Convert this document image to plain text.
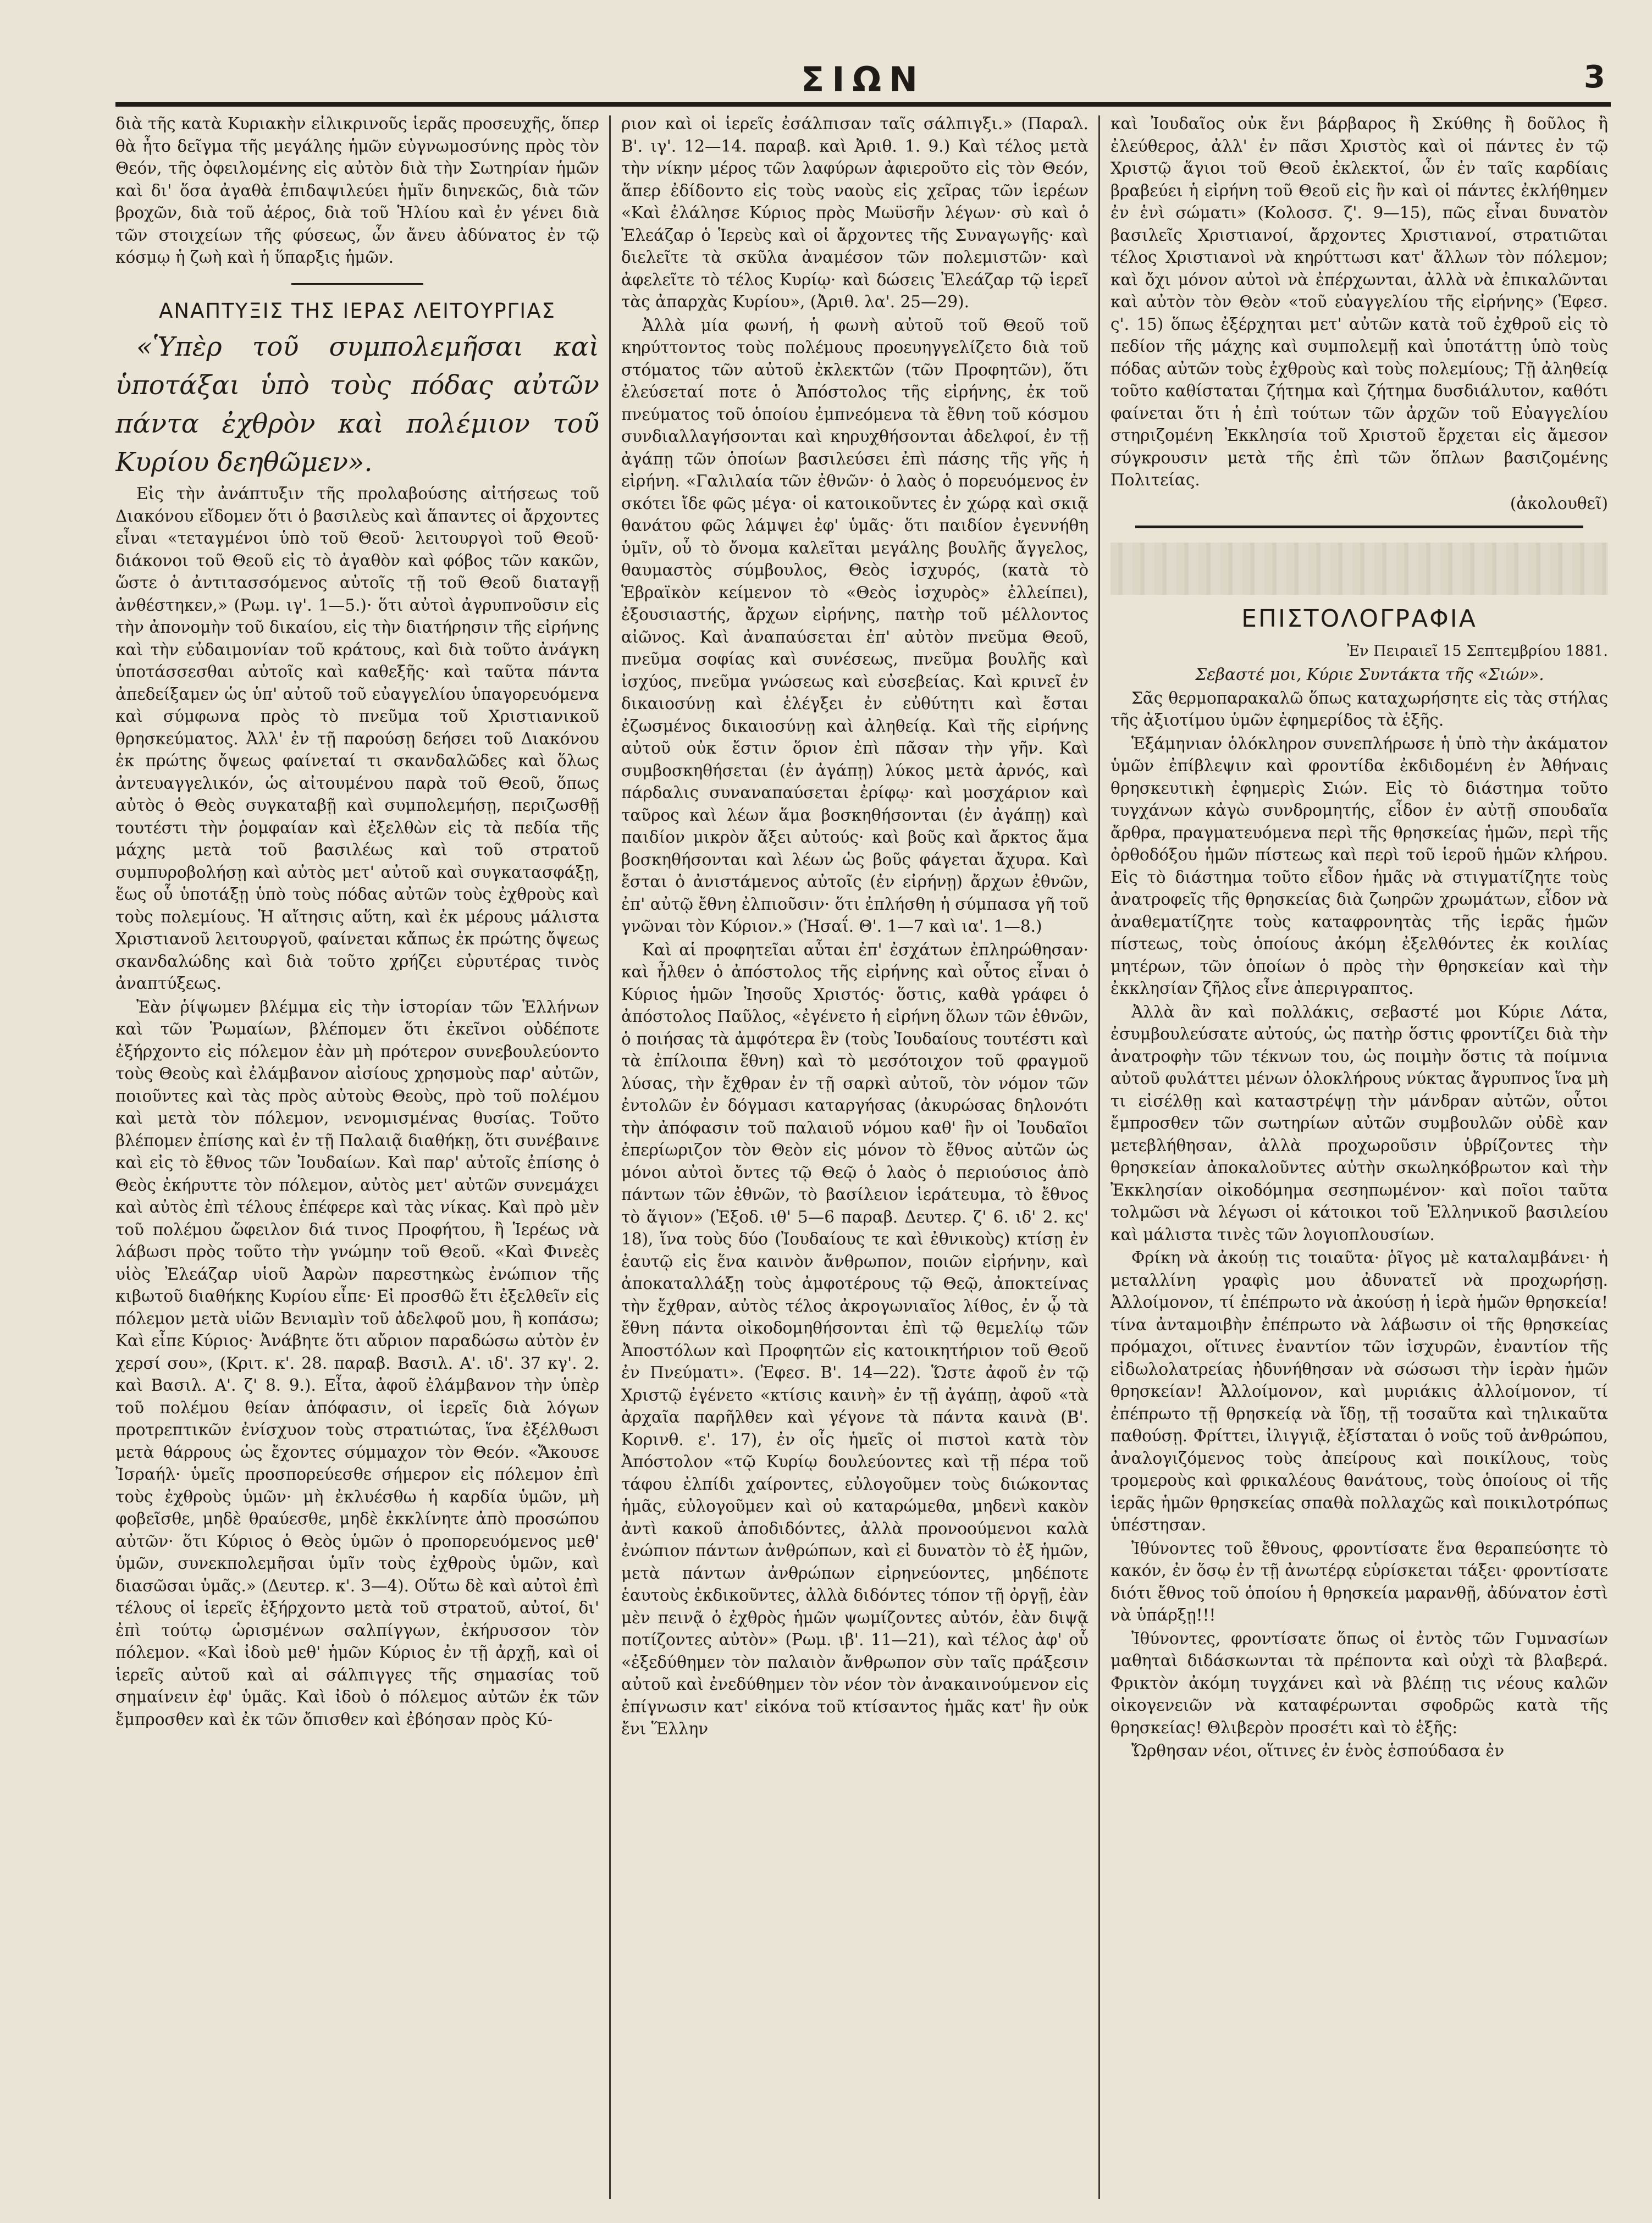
ΣΙΩΝ	3

διὰ τῆς κατὰ Κυριακὴν εἰλικρινοῦς ἱερᾶς προσευχῆς, ὅπερ θὰ ἦτο δεῖγμα τῆς μεγάλης ἡμῶν εὐγνωμοσύνης πρὸς τὸν Θεόν, τῆς ὀφειλομένης εἰς αὐτὸν διὰ τὴν Σωτηρίαν ἡμῶν καὶ δι' ὅσα ἀγαθὰ ἐπιδαψιλεύει ἡμῖν διηνεκῶς, διὰ τῶν βροχῶν, διὰ τοῦ ἀέρος, διὰ τοῦ Ἡλίου καὶ ἐν γένει διὰ τῶν στοιχείων τῆς φύσεως, ὧν ἄνευ ἀδύνατος ἐν τῷ κόσμῳ ἡ ζωὴ καὶ ἡ ὕπαρξις ἡμῶν.

ΑΝΑΠΤΥΞΙΣ ΤΗΣ ΙΕΡΑΣ ΛΕΙΤΟΥΡΓΙΑΣ

«Ὑπὲρ τοῦ συμπολεμῆσαι καὶ ὑποτάξαι ὑπὸ τοὺς πόδας αὐτῶν πάντα ἐχθρὸν καὶ πολέμιον τοῦ Κυρίου δεηθῶμεν».

Εἰς τὴν ἀνάπτυξιν τῆς προλαβούσης αἰτήσεως τοῦ Διακόνου εἴδομεν ὅτι ὁ βασιλεὺς καὶ ἅπαντες οἱ ἄρχοντες εἶναι «τεταγμένοι ὑπὸ τοῦ Θεοῦ· λειτουργοὶ τοῦ Θεοῦ· διάκονοι τοῦ Θεοῦ εἰς τὸ ἀγαθὸν καὶ φόβος τῶν κακῶν, ὥστε ὁ ἀντιτασσόμενος αὐτοῖς τῇ τοῦ Θεοῦ διαταγῇ ἀνθέστηκεν,» (Ρωμ. ιγ'. 1—5.)· ὅτι αὐτοὶ ἀγρυπνοῦσιν εἰς τὴν ἀπονομὴν τοῦ δικαίου, εἰς τὴν διατήρησιν τῆς εἰρήνης καὶ τὴν εὐδαιμονίαν τοῦ κράτους, καὶ διὰ τοῦτο ἀνάγκη ὑποτάσσεσθαι αὐτοῖς καὶ καθεξῆς· καὶ ταῦτα πάντα ἀπεδείξαμεν ὡς ὑπ' αὐτοῦ τοῦ εὐαγγελίου ὑπαγορευόμενα καὶ σύμφωνα πρὸς τὸ πνεῦμα τοῦ Χριστιανικοῦ θρησκεύματος. Ἀλλ' ἐν τῇ παρούσῃ δεήσει τοῦ Διακόνου ἐκ πρώτης ὄψεως φαίνεταί τι σκανδαλῶδες καὶ ὅλως ἀντευαγγελικόν, ὡς αἰτουμένου παρὰ τοῦ Θεοῦ, ὅπως αὐτὸς ὁ Θεὸς συγκαταβῇ καὶ συμπολεμήσῃ, περιζωσθῇ τουτέστι τὴν ῥομφαίαν καὶ ἐξελθὼν εἰς τὰ πεδία τῆς μάχης μετὰ τοῦ βασιλέως καὶ τοῦ στρατοῦ συμπυροβολήσῃ καὶ αὐτὸς μετ' αὐτοῦ καὶ συγκατασφάξῃ, ἕως οὗ ὑποτάξῃ ὑπὸ τοὺς πόδας αὐτῶν τοὺς ἐχθροὺς καὶ τοὺς πολεμίους. Ἡ αἴτησις αὕτη, καὶ ἐκ μέρους μάλιστα Χριστιανοῦ λειτουργοῦ, φαίνεται κἄπως ἐκ πρώτης ὄψεως σκανδαλώδης καὶ διὰ τοῦτο χρήζει εὐρυτέρας τινὸς ἀναπτύξεως.

Ἐὰν ῥίψωμεν βλέμμα εἰς τὴν ἱστορίαν τῶν Ἑλλήνων καὶ τῶν Ῥωμαίων, βλέπομεν ὅτι ἐκεῖνοι οὐδέποτε ἐξήρχοντο εἰς πόλεμον ἐὰν μὴ πρότερον συνεβουλεύοντο τοὺς Θεοὺς καὶ ἐλάμβανον αἰσίους χρησμοὺς παρ' αὐτῶν, ποιοῦντες καὶ τὰς πρὸς αὐτοὺς Θεοὺς, πρὸ τοῦ πολέμου καὶ μετὰ τὸν πόλεμον, νενομισμένας θυσίας. Τοῦτο βλέπομεν ἐπίσης καὶ ἐν τῇ Παλαιᾷ διαθήκῃ, ὅτι συνέβαινε καὶ εἰς τὸ ἔθνος τῶν Ἰουδαίων. Καὶ παρ' αὐτοῖς ἐπίσης ὁ Θεὸς ἐκήρυττε τὸν πόλεμον, αὐτὸς μετ' αὐτῶν συνεμάχει καὶ αὐτὸς ἐπὶ τέλους ἐπέφερε καὶ τὰς νίκας. Καὶ πρὸ μὲν τοῦ πολέμου ὤφειλον διά τινος Προφήτου, ἢ Ἱερέως νὰ λάβωσι πρὸς τοῦτο τὴν γνώμην τοῦ Θεοῦ. «Καὶ Φινεὲς υἱὸς Ἐλεάζαρ υἱοῦ Ἀαρὼν παρεστηκὼς ἐνώπιον τῆς κιβωτοῦ διαθήκης Κυρίου εἶπε· Εἰ προσθῶ ἔτι ἐξελθεῖν εἰς πόλεμον μετὰ υἱῶν Βενιαμὶν τοῦ ἀδελφοῦ μου, ἢ κοπάσω; Καὶ εἶπε Κύριος· Ἀνάβητε ὅτι αὔριον παραδώσω αὐτὸν ἐν χερσί σου», (Κριτ. κ'. 28. παραβ. Βασιλ. Α'. ιδ'. 37 κγ'. 2. καὶ Βασιλ. Α'. ζ' 8. 9.). Εἶτα, ἀφοῦ ἐλάμβανον τὴν ὑπὲρ τοῦ πολέμου θείαν ἀπόφασιν, οἱ ἱερεῖς διὰ λόγων προτρεπτικῶν ἐνίσχυον τοὺς στρατιώτας, ἵνα ἐξέλθωσι μετὰ θάρρους ὡς ἔχοντες σύμμαχον τὸν Θεόν. «Ἄκουσε Ἰσραήλ· ὑμεῖς προσπορεύεσθε σήμερον εἰς πόλεμον ἐπὶ τοὺς ἐχθροὺς ὑμῶν· μὴ ἐκλυέσθω ἡ καρδία ὑμῶν, μὴ φοβεῖσθε, μηδὲ θραύεσθε, μηδὲ ἐκκλίνητε ἀπὸ προσώπου αὐτῶν· ὅτι Κύριος ὁ Θεὸς ὑμῶν ὁ προπορευόμενος μεθ' ὑμῶν, συνεκπολεμῆσαι ὑμῖν τοὺς ἐχθροὺς ὑμῶν, καὶ διασῶσαι ὑμᾶς.» (Δευτερ. κ'. 3—4). Οὕτω δὲ καὶ αὐτοὶ ἐπὶ τέλους οἱ ἱερεῖς ἐξήρχοντο μετὰ τοῦ στρατοῦ, αὐτοί, δι' ἐπὶ τούτῳ ὡρισμένων σαλπίγγων, ἐκήρυσσον τὸν πόλεμον. «Καὶ ἰδοὺ μεθ' ἡμῶν Κύριος ἐν τῇ ἀρχῇ, καὶ οἱ ἱερεῖς αὐτοῦ καὶ αἱ σάλπιγγες τῆς σημασίας τοῦ σημαίνειν ἐφ' ὑμᾶς. Καὶ ἰδοὺ ὁ πόλεμος αὐτῶν ἐκ τῶν ἔμπροσθεν καὶ ἐκ τῶν ὄπισθεν καὶ ἐβόησαν πρὸς Κύ-

ριον καὶ οἱ ἱερεῖς ἐσάλπισαν ταῖς σάλπιγξι.» (Παραλ. Β'. ιγ'. 12—14. παραβ. καὶ Ἀριθ. 1. 9.) Καὶ τέλος μετὰ τὴν νίκην μέρος τῶν λαφύρων ἀφιεροῦτο εἰς τὸν Θεόν, ἅπερ ἐδίδοντο εἰς τοὺς ναοὺς εἰς χεῖρας τῶν ἱερέων «Καὶ ἐλάλησε Κύριος πρὸς Μωϋσῆν λέγων· σὺ καὶ ὁ Ἐλεάζαρ ὁ Ἱερεὺς καὶ οἱ ἄρχοντες τῆς Συναγωγῆς· καὶ διελεῖτε τὰ σκῦλα ἀναμέσον τῶν πολεμιστῶν· καὶ ἀφελεῖτε τὸ τέλος Κυρίῳ· καὶ δώσεις Ἐλεάζαρ τῷ ἱερεῖ τὰς ἀπαρχὰς Κυρίου», (Ἀριθ. λα'. 25—29).

Ἀλλὰ μία φωνή, ἡ φωνὴ αὐτοῦ τοῦ Θεοῦ τοῦ κηρύττοντος τοὺς πολέμους προευηγγελίζετο διὰ τοῦ στόματος τῶν αὐτοῦ ἐκλεκτῶν (τῶν Προφητῶν), ὅτι ἐλεύσεταί ποτε ὁ Ἀπόστολος τῆς εἰρήνης, ἐκ τοῦ πνεύματος τοῦ ὁποίου ἐμπνεόμενα τὰ ἔθνη τοῦ κόσμου συνδιαλλαγήσονται καὶ κηρυχθήσονται ἀδελφοί, ἐν τῇ ἀγάπῃ τῶν ὁποίων βασιλεύσει ἐπὶ πάσης τῆς γῆς ἡ εἰρήνη. «Γαλιλαία τῶν ἐθνῶν· ὁ λαὸς ὁ πορευόμενος ἐν σκότει ἴδε φῶς μέγα· οἱ κατοικοῦντες ἐν χώρᾳ καὶ σκιᾷ θανάτου φῶς λάμψει ἐφ' ὑμᾶς· ὅτι παιδίον ἐγεννήθη ὑμῖν, οὗ τὸ ὄνομα καλεῖται μεγάλης βουλῆς ἄγγελος, θαυμαστὸς σύμβουλος, Θεὸς ἰσχυρός, (κατὰ τὸ Ἑβραϊκὸν κείμενον τὸ «Θεὸς ἰσχυρὸς» ἐλλείπει), ἐξουσιαστής, ἄρχων εἰρήνης, πατὴρ τοῦ μέλλοντος αἰῶνος. Καὶ ἀναπαύσεται ἐπ' αὐτὸν πνεῦμα Θεοῦ, πνεῦμα σοφίας καὶ συνέσεως, πνεῦμα βουλῆς καὶ ἰσχύος, πνεῦμα γνώσεως καὶ εὐσεβείας. Καὶ κρινεῖ ἐν δικαιοσύνῃ καὶ ἐλέγξει ἐν εὐθύτητι καὶ ἔσται ἐζωσμένος δικαιοσύνῃ καὶ ἀληθείᾳ. Καὶ τῆς εἰρήνης αὐτοῦ οὐκ ἔστιν ὅριον ἐπὶ πᾶσαν τὴν γῆν. Καὶ συμβοσκηθήσεται (ἐν ἀγάπῃ) λύκος μετὰ ἀρνός, καὶ πάρδαλις συναναπαύσεται ἐρίφῳ· καὶ μοσχάριον καὶ ταῦρος καὶ λέων ἅμα βοσκηθήσονται (ἐν ἀγάπῃ) καὶ παιδίον μικρὸν ἄξει αὐτούς· καὶ βοῦς καὶ ἄρκτος ἅμα βοσκηθήσονται καὶ λέων ὡς βοῦς φάγεται ἄχυρα. Καὶ ἔσται ὁ ἀνιστάμενος αὐτοῖς (ἐν εἰρήνῃ) ἄρχων ἐθνῶν, ἐπ' αὐτῷ ἔθνη ἐλπιοῦσιν· ὅτι ἐπλήσθη ἡ σύμπασα γῆ τοῦ γνῶναι τὸν Κύριον.» (Ἠσαΐ. Θ'. 1—7 καὶ ια'. 1—8.)

Καὶ αἱ προφητεῖαι αὗται ἐπ' ἐσχάτων ἐπληρώθησαν· καὶ ἦλθεν ὁ ἀπόστολος τῆς εἰρήνης καὶ οὗτος εἶναι ὁ Κύριος ἡμῶν Ἰησοῦς Χριστός· ὅστις, καθὰ γράφει ὁ ἀπόστολος Παῦλος, «ἐγένετο ἡ εἰρήνη ὅλων τῶν ἐθνῶν, ὁ ποιήσας τὰ ἀμφότερα ἓν (τοὺς Ἰουδαίους τουτέστι καὶ τὰ ἐπίλοιπα ἔθνη) καὶ τὸ μεσότοιχον τοῦ φραγμοῦ λύσας, τὴν ἔχθραν ἐν τῇ σαρκὶ αὐτοῦ, τὸν νόμον τῶν ἐντολῶν ἐν δόγμασι καταργήσας (ἀκυρώσας δηλονότι τὴν ἀπόφασιν τοῦ παλαιοῦ νόμου καθ' ἣν οἱ Ἰουδαῖοι ἐπερίωριζον τὸν Θεὸν εἰς μόνον τὸ ἔθνος αὐτῶν ὡς μόνοι αὐτοὶ ὄντες τῷ Θεῷ ὁ λαὸς ὁ περιούσιος ἀπὸ πάντων τῶν ἐθνῶν, τὸ βασίλειον ἱεράτευμα, τὸ ἔθνος τὸ ἅγιον» (Ἐξοδ. ιθ' 5—6 παραβ. Δευτερ. ζ' 6. ιδ' 2. κς' 18), ἵνα τοὺς δύο (Ἰουδαίους τε καὶ ἐθνικοὺς) κτίσῃ ἐν ἑαυτῷ εἰς ἕνα καινὸν ἄνθρωπον, ποιῶν εἰρήνην, καὶ ἀποκαταλλάξῃ τοὺς ἀμφοτέρους τῷ Θεῷ, ἀποκτείνας τὴν ἔχθραν, αὐτὸς τέλος ἀκρογωνιαῖος λίθος, ἐν ᾧ τὰ ἔθνη πάντα οἰκοδομηθήσονται ἐπὶ τῷ θεμελίῳ τῶν Ἀποστόλων καὶ Προφητῶν εἰς κατοικητήριον τοῦ Θεοῦ ἐν Πνεύματι». (Ἐφεσ. Β'. 14—22). Ὥστε ἀφοῦ ἐν τῷ Χριστῷ ἐγένετο «κτίσις καινὴ» ἐν τῇ ἀγάπῃ, ἀφοῦ «τὰ ἀρχαῖα παρῆλθεν καὶ γέγονε τὰ πάντα καινὰ (Β'. Κορινθ. ε'. 17), ἐν οἷς ἡμεῖς οἱ πιστοὶ κατὰ τὸν Ἀπόστολον «τῷ Κυρίῳ δουλεύοντες καὶ τῇ πέρα τοῦ τάφου ἐλπίδι χαίροντες, εὐλογοῦμεν τοὺς διώκοντας ἡμᾶς, εὐλογοῦμεν καὶ οὐ καταρώμεθα, μηδενὶ κακὸν ἀντὶ κακοῦ ἀποδιδόντες, ἀλλὰ προνοούμενοι καλὰ ἐνώπιον πάντων ἀνθρώπων, καὶ εἰ δυνατὸν τὸ ἐξ ἡμῶν, μετὰ πάντων ἀνθρώπων εἰρηνεύοντες, μηδέποτε ἑαυτοὺς ἐκδικοῦντες, ἀλλὰ διδόντες τόπον τῇ ὀργῇ, ἐὰν μὲν πεινᾷ ὁ ἐχθρὸς ἡμῶν ψωμίζοντες αὐτόν, ἐὰν διψᾷ ποτίζοντες αὐτὸν» (Ρωμ. ιβ'. 11—21), καὶ τέλος ἀφ' οὗ «ἐξεδύθημεν τὸν παλαιὸν ἄνθρωπον σὺν ταῖς πράξεσιν αὐτοῦ καὶ ἐνεδύθημεν τὸν νέον τὸν ἀνακαινούμενον εἰς ἐπίγνωσιν κατ' εἰκόνα τοῦ κτίσαντος ἡμᾶς κατ' ἣν οὐκ ἔνι Ἕλλην

καὶ Ἰουδαῖος οὐκ ἔνι βάρβαρος ἢ Σκύθης ἢ δοῦλος ἢ ἐλεύθερος, ἀλλ' ἐν πᾶσι Χριστὸς καὶ οἱ πάντες ἐν τῷ Χριστῷ ἅγιοι τοῦ Θεοῦ ἐκλεκτοί, ὧν ἐν ταῖς καρδίαις βραβεύει ἡ εἰρήνη τοῦ Θεοῦ εἰς ἣν καὶ οἱ πάντες ἐκλήθημεν ἐν ἑνὶ σώματι» (Κολοσσ. ζ'. 9—15), πῶς εἶναι δυνατὸν βασιλεῖς Χριστιανοί, ἄρχοντες Χριστιανοί, στρατιῶται τέλος Χριστιανοὶ νὰ κηρύττωσι κατ' ἄλλων τὸν πόλεμον; καὶ ὄχι μόνον αὐτοὶ νὰ ἐπέρχωνται, ἀλλὰ νὰ ἐπικαλῶνται καὶ αὐτὸν τὸν Θεὸν «τοῦ εὐαγγελίου τῆς εἰρήνης» (Ἐφεσ. ς'. 15) ὅπως ἐξέρχηται μετ' αὐτῶν κατὰ τοῦ ἐχθροῦ εἰς τὸ πεδίον τῆς μάχης καὶ συμπολεμῇ καὶ ὑποτάττῃ ὑπὸ τοὺς πόδας αὐτῶν τοὺς ἐχθροὺς καὶ τοὺς πολεμίους; Τῇ ἀληθείᾳ τοῦτο καθίσταται ζήτημα καὶ ζήτημα δυσδιάλυτον, καθότι φαίνεται ὅτι ἡ ἐπὶ τούτων τῶν ἀρχῶν τοῦ Εὐαγγελίου στηριζομένη Ἐκκλησία τοῦ Χριστοῦ ἔρχεται εἰς ἄμεσον σύγκρουσιν μετὰ τῆς ἐπὶ τῶν ὅπλων βασιζομένης Πολιτείας.

(ἀκολουθεῖ)

ΕΠΙΣΤΟΛΟΓΡΑΦΙΑ

Ἐν Πειραιεῖ 15 Σεπτεμβρίου 1881.

Σεβαστέ μοι, Κύριε Συντάκτα τῆς «Σιών».

Σᾶς θερμοπαρακαλῶ ὅπως καταχωρήσητε εἰς τὰς στήλας τῆς ἀξιοτίμου ὑμῶν ἐφημερίδος τὰ ἑξῆς.

Ἑξάμηνιαν ὁλόκληρον συνεπλήρωσε ἡ ὑπὸ τὴν ἀκάματον ὑμῶν ἐπίβλεψιν καὶ φροντίδα ἐκδιδομένη ἐν Ἀθήναις θρησκευτικὴ ἐφημερὶς Σιών. Εἰς τὸ διάστημα τοῦτο τυγχάνων κἀγὼ συνδρομητής, εἶδον ἐν αὐτῇ σπουδαῖα ἄρθρα, πραγματευόμενα περὶ τῆς θρησκείας ἡμῶν, περὶ τῆς ὀρθοδόξου ἡμῶν πίστεως καὶ περὶ τοῦ ἱεροῦ ἡμῶν κλήρου. Εἰς τὸ διάστημα τοῦτο εἶδον ἡμᾶς νὰ στιγματίζητε τοὺς ἀνατροφεῖς τῆς θρησκείας διὰ ζωηρῶν χρωμάτων, εἶδον νὰ ἀναθεματίζητε τοὺς καταφρονητὰς τῆς ἱερᾶς ἡμῶν πίστεως, τοὺς ὁποίους ἀκόμη ἐξελθόντες ἐκ κοιλίας μητέρων, τῶν ὁποίων ὁ πρὸς τὴν θρησκείαν καὶ τὴν ἐκκλησίαν ζῆλος εἶνε ἀπεριγραπτος.

Ἀλλὰ ἂν καὶ πολλάκις, σεβαστέ μοι Κύριε Λάτα, ἐσυμβουλεύσατε αὐτούς, ὡς πατὴρ ὅστις φροντίζει διὰ τὴν ἀνατροφὴν τῶν τέκνων του, ὡς ποιμὴν ὅστις τὰ ποίμνια αὐτοῦ φυλάττει μένων ὁλοκλήρους νύκτας ἄγρυπνος ἵνα μὴ τι εἰσέλθῃ καὶ καταστρέψῃ τὴν μάνδραν αὐτῶν, οὗτοι ἔμπροσθεν τῶν σωτηρίων αὐτῶν συμβουλῶν οὐδὲ καν μετεβλήθησαν, ἀλλὰ προχωροῦσιν ὑβρίζοντες τὴν θρησκείαν ἀποκαλοῦντες αὐτὴν σκωληκόβρωτον καὶ τὴν Ἐκκλησίαν οἰκοδόμημα σεσηπωμένον· καὶ ποῖοι ταῦτα τολμῶσι νὰ λέγωσι οἱ κάτοικοι τοῦ Ἑλληνικοῦ βασιλείου καὶ μάλιστα τινὲς τῶν λογιοπλουσίων.

Φρίκη νὰ ἀκούῃ τις τοιαῦτα· ῥῖγος μὲ καταλαμβάνει· ἡ μεταλλίνη γραφὶς μου ἀδυνατεῖ νὰ προχωρήσῃ. Ἀλλοίμονον, τί ἐπέπρωτο νὰ ἀκούσῃ ἡ ἱερὰ ἡμῶν θρησκεία! τίνα ἀνταμοιβὴν ἐπέπρωτο νὰ λάβωσιν οἱ τῆς θρησκείας πρόμαχοι, οἵτινες ἐναντίον τῶν ἰσχυρῶν, ἐναντίον τῆς εἰδωλολατρείας ἠδυνήθησαν νὰ σώσωσι τὴν ἱερὰν ἡμῶν θρησκείαν! Ἀλλοίμονον, καὶ μυριάκις ἀλλοίμονον, τί ἐπέπρωτο τῇ θρησκείᾳ νὰ ἴδῃ, τῇ τοσαῦτα καὶ τηλικαῦτα παθούσῃ. Φρίττει, ἰλιγγιᾷ, ἐξίσταται ὁ νοῦς τοῦ ἀνθρώπου, ἀναλογιζόμενος τοὺς ἀπείρους καὶ ποικίλους, τοὺς τρομεροὺς καὶ φρικαλέους θανάτους, τοὺς ὁποίους οἱ τῆς ἱερᾶς ἡμῶν θρησκείας σπαθὰ πολλαχῶς καὶ ποικιλοτρόπως ὑπέστησαν.

Ἰθύνοντες τοῦ ἔθνους, φροντίσατε ἕνα θεραπεύσητε τὸ κακόν, ἐν ὅσῳ ἐν τῇ ἀνωτέρᾳ εὑρίσκεται τάξει· φροντίσατε διότι ἔθνος τοῦ ὁποίου ἡ θρησκεία μαρανθῇ, ἀδύνατον ἐστὶ νὰ ὑπάρξῃ!!!

Ἰθύνοντες, φροντίσατε ὅπως οἱ ἐντὸς τῶν Γυμνασίων μαθηταὶ διδάσκωνται τὰ πρέποντα καὶ οὐχὶ τὰ βλαβερά. Φρικτὸν ἀκόμη τυγχάνει καὶ νὰ βλέπῃ τις νέους καλῶν οἰκογενειῶν νὰ καταφέρωνται σφοδρῶς κατὰ τῆς θρησκείας! Θλιβερὸν προσέτι καὶ τὸ ἑξῆς:

Ὤρθησαν νέοι, οἵτινες ἐν ἑνὸς ἑσπούδασα ἐν
